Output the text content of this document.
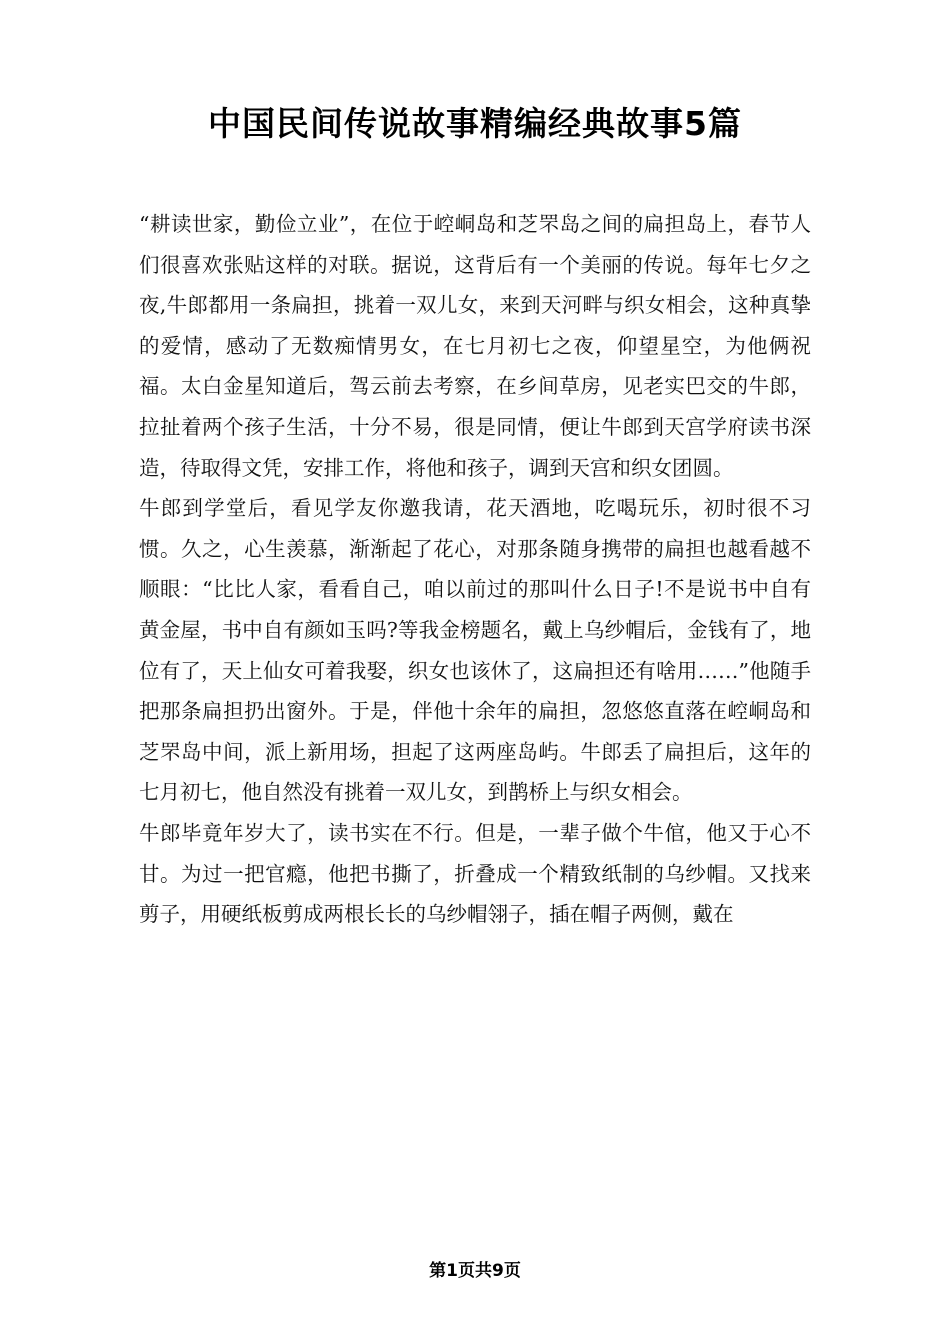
中国民间传说故事精编经典故事5篇

“耕读世家，勤俭立业”，在位于崆峒岛和芝罘岛之间的扁担岛上，春节人们很喜欢张贴这样的对联。据说，这背后有一个美丽的传说。每年七夕之夜,牛郎都用一条扁担，挑着一双儿女，来到天河畔与织女相会，这种真挚的爱情，感动了无数痴情男女，在七月初七之夜，仰望星空，为他俩祝福。太白金星知道后，驾云前去考察，在乡间草房，见老实巴交的牛郎，拉扯着两个孩子生活，十分不易，很是同情，便让牛郎到天宫学府读书深造，待取得文凭，安排工作，将他和孩子，调到天宫和织女团圆。

牛郎到学堂后，看见学友你邀我请，花天酒地，吃喝玩乐，初时很不习惯。久之，心生羡慕，渐渐起了花心，对那条随身携带的扁担也越看越不顺眼：“比比人家，看看自己，咱以前过的那叫什么日子!不是说书中自有黄金屋，书中自有颜如玉吗?等我金榜题名，戴上乌纱帽后，金钱有了，地位有了，天上仙女可着我娶，织女也该休了，这扁担还有啥用……”他随手把那条扁担扔出窗外。于是，伴他十余年的扁担，忽悠悠直落在崆峒岛和芝罘岛中间，派上新用场，担起了这两座岛屿。牛郎丢了扁担后，这年的七月初七，他自然没有挑着一双儿女，到鹊桥上与织女相会。

牛郎毕竟年岁大了，读书实在不行。但是，一辈子做个牛倌，他又于心不甘。为过一把官瘾，他把书撕了，折叠成一个精致纸制的乌纱帽。又找来剪子，用硬纸板剪成两根长长的乌纱帽翎子，插在帽子两侧，戴在

第1页共9页
